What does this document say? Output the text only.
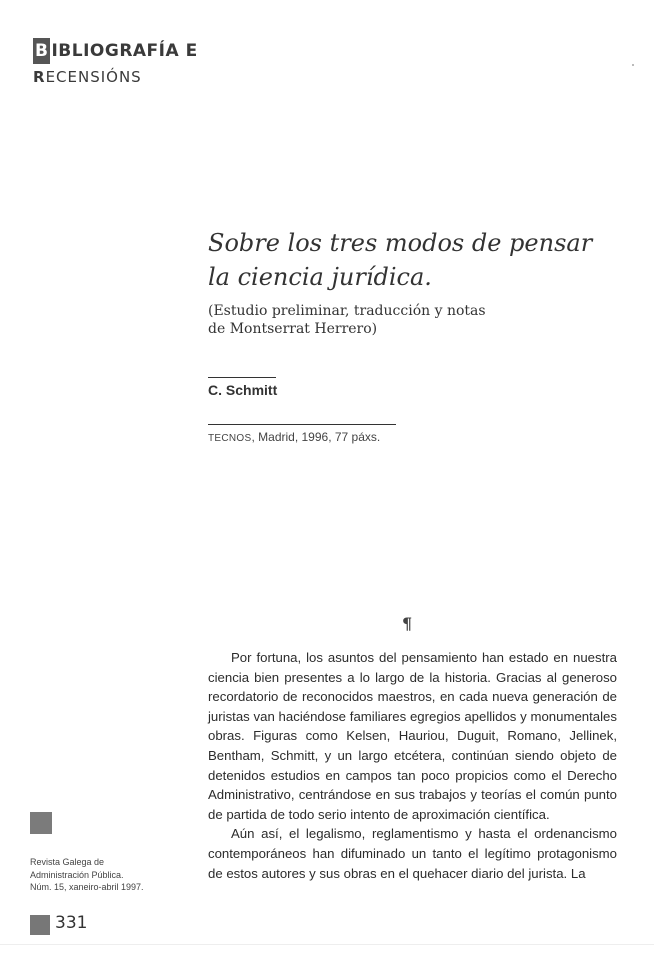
B IBLIOGRAFÍA E
RECENSIÓNS
Sobre los tres modos de pensar
la ciencia jurídica.
(Estudio preliminar, traducción y notas
de Montserrat Herrero)
C. Schmitt
TECNOS, Madrid, 1996, 77 páxs.
¶

Por fortuna, los asuntos del pensamiento han estado en nuestra ciencia bien presentes a lo largo de la historia. Gracias al generoso recordatorio de reconocidos maestros, en cada nueva generación de juristas van haciéndose familiares egregios apellidos y monumentales obras. Figuras como Kelsen, Hauriou, Duguit, Romano, Jellinek, Bentham, Schmitt, y un largo etcétera, continúan siendo objeto de detenidos estudios en campos tan poco propicios como el Derecho Administrativo, centrándose en sus trabajos y teorías el común punto de partida de todo serio intento de aproximación científica.

Aún así, el legalismo, reglamentismo y hasta el ordenancismo contemporáneos han difuminado un tanto el legítimo protagonismo de estos autores y sus obras en el quehacer diario del jurista. La

Revista Galega de
Administración Pública.
Núm. 15, xaneiro-abril 1997.
331
